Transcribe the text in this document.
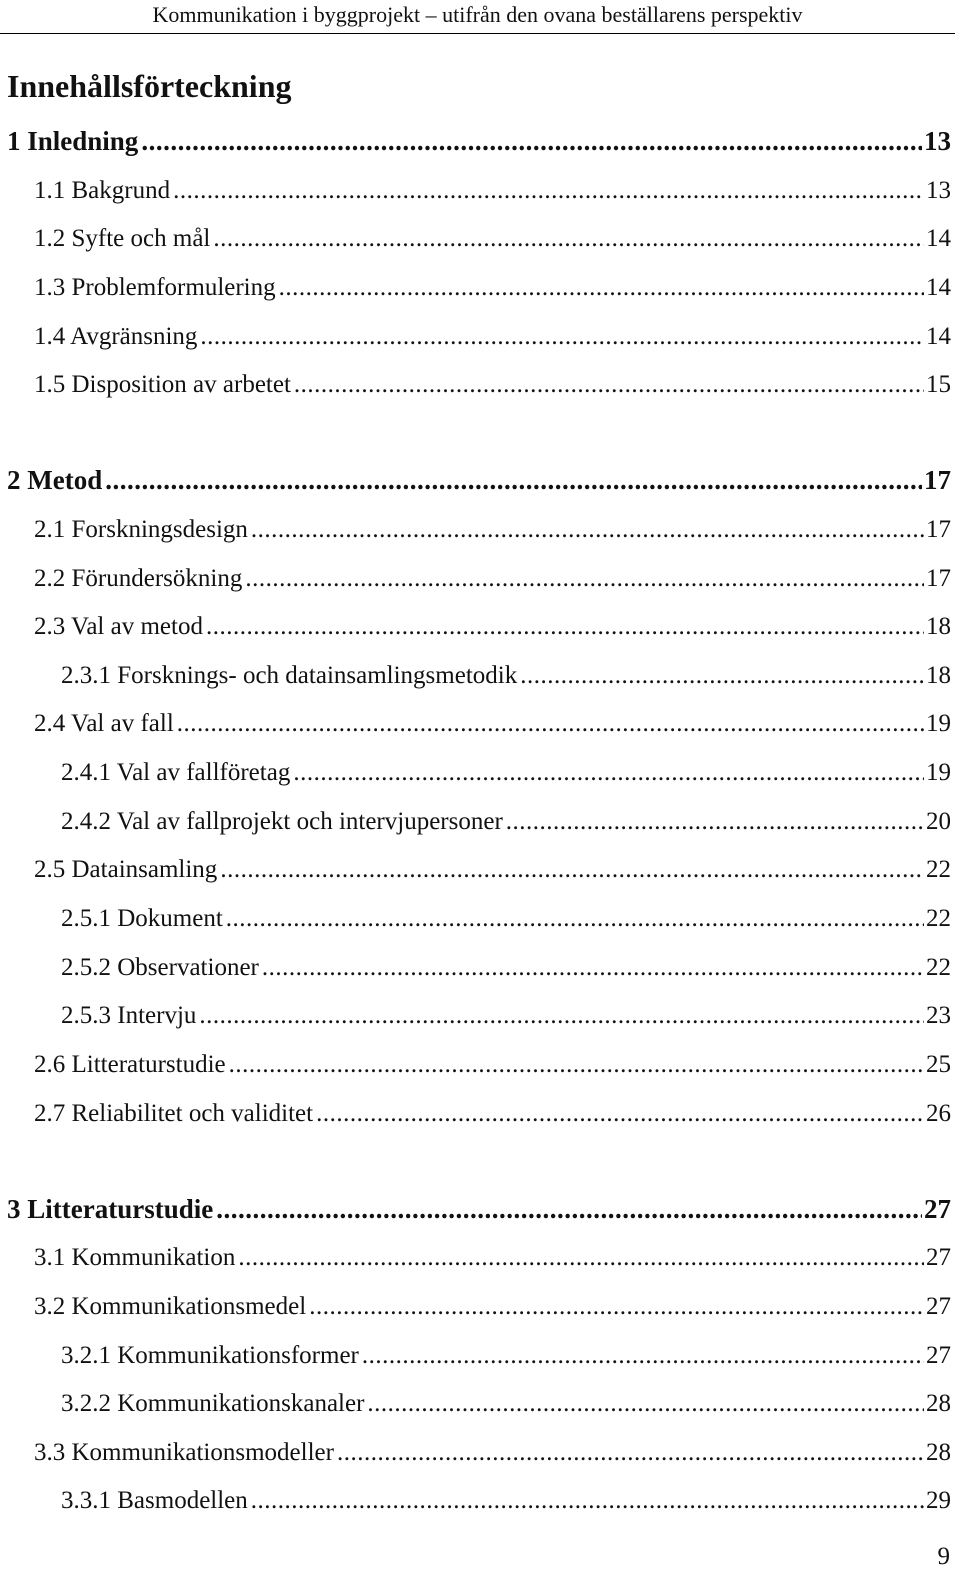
Kommunikation i byggprojekt – utifrån den ovana beställarens perspektiv
Innehållsförteckning
1 Inledning .....	13
1.1 Bakgrund .....	13
1.2 Syfte och mål .....	14
1.3 Problemformulering .....	14
1.4 Avgränsning .....	14
1.5 Disposition av arbetet .....	15
2 Metod .....	17
2.1 Forskningsdesign .....	17
2.2 Förundersökning .....	17
2.3 Val av metod .....	18
2.3.1 Forsknings- och datainsamlingsmetodik .....	18
2.4 Val av fall .....	19
2.4.1 Val av fallföretag .....	19
2.4.2 Val av fallprojekt och intervjupersoner .....	20
2.5 Datainsamling .....	22
2.5.1 Dokument .....	22
2.5.2 Observationer .....	22
2.5.3 Intervju .....	23
2.6 Litteraturstudie .....	25
2.7 Reliabilitet och validitet .....	26
3 Litteraturstudie .....	27
3.1 Kommunikation .....	27
3.2 Kommunikationsmedel .....	27
3.2.1 Kommunikationsformer .....	27
3.2.2 Kommunikationskanaler .....	28
3.3 Kommunikationsmodeller .....	28
3.3.1 Basmodellen .....	29
9
